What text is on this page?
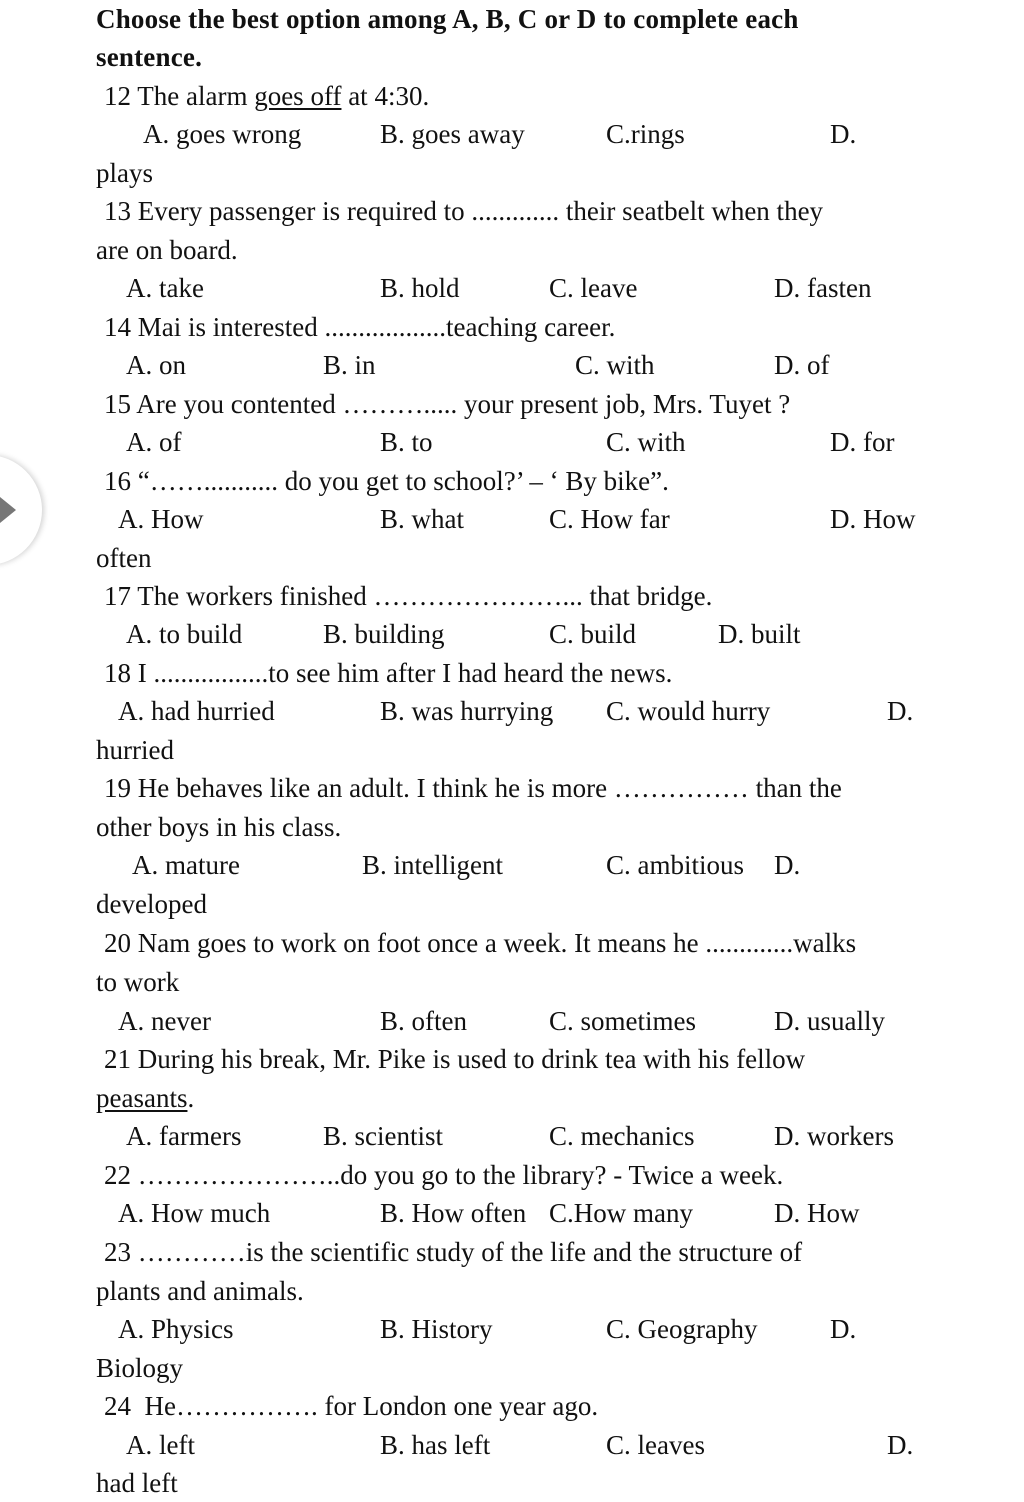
Choose the best option among A, B, C or D to complete each
sentence.
12 The alarm goes off at 4:30.
A. goes wrong	B. goes away	C.rings	D.
plays
13 Every passenger is required to ............. their seatbelt when they
are on board.
A. take	B. hold	C. leave	D. fasten
14 Mai is interested ..................teaching career.
A. on	B. in	C. with	D. of
15 Are you contented ………..... your present job, Mrs. Tuyet ?
A. of	B. to	C. with	D. for
16 “……........... do you get to school?’ – ‘ By bike”.
A. How	B. what	C. How far	D. How
often
17 The workers finished …………………... that bridge.
A. to build	B. building	C. build	D. built
18 I .................to see him after I had heard the news.
A. had hurried	B. was hurrying C. would hurry	D.
hurried
19 He behaves like an adult. I think he is more …………… than the
other boys in his class.
A. mature	B. intelligent	C. ambitious D.
developed
20 Nam goes to work on foot once a week. It means he .............walks
to work
A. never	B. often	C. sometimes	D. usually
21 During his break, Mr. Pike is used to drink tea with his fellow
peasants.
A. farmers	B. scientist	C. mechanics	D. workers
22 …………………..do you go to the library? - Twice a week.
A. How much	B. How often C.How many	D. How
23 …………is the scientific study of the life and the structure of
plants and animals.
A. Physics	B. History	C. Geography	D.
Biology
24  He……………. for London one year ago.
A. left	B. has left	C. leaves	D.
had left
